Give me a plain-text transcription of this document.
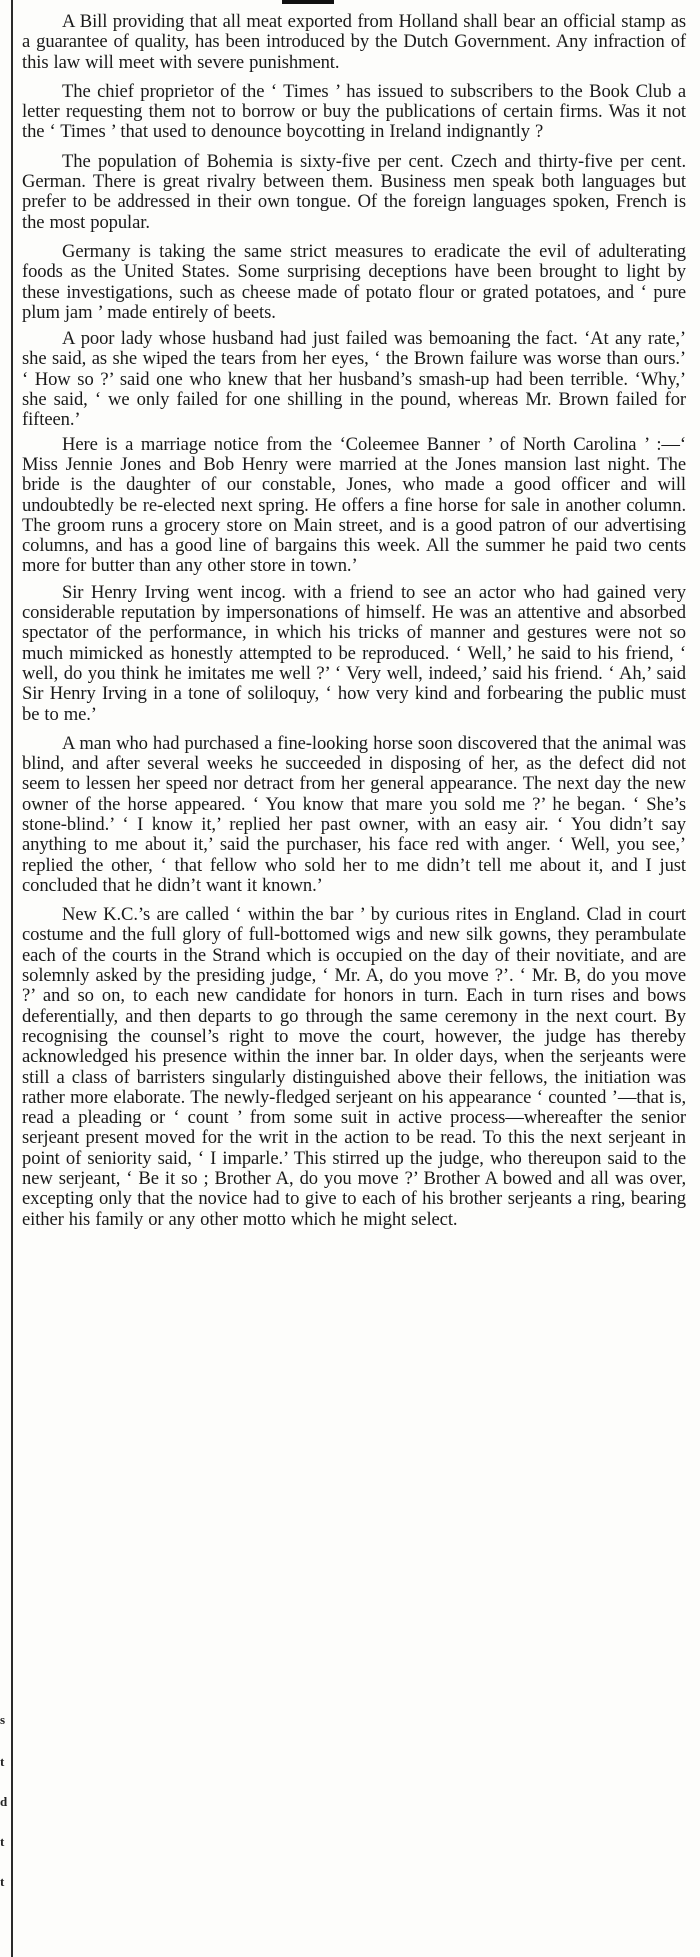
s
t
d
t
t

A Bill providing that all meat exported from Holland shall bear an official stamp as a guarantee of quality, has been introduced by the Dutch Government. Any infraction of this law will meet with severe punishment.

The chief proprietor of the ‘ Times ’ has issued to subscribers to the Book Club a letter requesting them not to borrow or buy the publications of certain firms. Was it not the ‘ Times ’ that used to denounce boycotting in Ireland indignantly ?

The population of Bohemia is sixty-five per cent. Czech and thirty-five per cent. German. There is great rivalry between them. Business men speak both languages but prefer to be addressed in their own tongue. Of the foreign languages spoken, French is the most popular.

Germany is taking the same strict measures to eradicate the evil of adulterating foods as the United States. Some surprising deceptions have been brought to light by these investigations, such as cheese made of potato flour or grated potatoes, and ‘ pure plum jam ’ made entirely of beets.

A poor lady whose husband had just failed was bemoaning the fact. ‘At any rate,’ she said, as she wiped the tears from her eyes, ‘ the Brown failure was worse than ours.’ ‘ How so ?’ said one who knew that her husband’s smash-up had been terrible. ‘Why,’ she said, ‘ we only failed for one shilling in the pound, whereas Mr. Brown failed for fifteen.’

Here is a marriage notice from the ‘Coleemee Banner ’ of North Carolina ’ :—‘ Miss Jennie Jones and Bob Henry were married at the Jones mansion last night. The bride is the daughter of our constable, Jones, who made a good officer and will undoubtedly be re-elected next spring. He offers a fine horse for sale in another column. The groom runs a grocery store on Main street, and is a good patron of our advertising columns, and has a good line of bargains this week. All the summer he paid two cents more for butter than any other store in town.’

Sir Henry Irving went incog. with a friend to see an actor who had gained very considerable reputation by impersonations of himself. He was an attentive and absorbed spectator of the performance, in which his tricks of manner and gestures were not so much mimicked as honestly attempted to be reproduced. ‘ Well,’ he said to his friend, ‘ well, do you think he imitates me well ?’ ‘ Very well, indeed,’ said his friend. ‘ Ah,’ said Sir Henry Irving in a tone of soliloquy, ‘ how very kind and forbearing the public must be to me.’

A man who had purchased a fine-looking horse soon discovered that the animal was blind, and after several weeks he succeeded in disposing of her, as the defect did not seem to lessen her speed nor detract from her general appearance. The next day the new owner of the horse appeared. ‘ You know that mare you sold me ?’ he began. ‘ She’s stone-blind.’ ‘ I know it,’ replied her past owner, with an easy air. ‘ You didn’t say anything to me about it,’ said the purchaser, his face red with anger. ‘ Well, you see,’ replied the other, ‘ that fellow who sold her to me didn’t tell me about it, and I just concluded that he didn’t want it known.’

New K.C.’s are called ‘ within the bar ’ by curious rites in England. Clad in court costume and the full glory of full-bottomed wigs and new silk gowns, they perambulate each of the courts in the Strand which is occupied on the day of their novitiate, and are solemnly asked by the presiding judge, ‘ Mr. A, do you move ?’. ‘ Mr. B, do you move ?’ and so on, to each new candidate for honors in turn. Each in turn rises and bows deferentially, and then departs to go through the same ceremony in the next court. By recognising the counsel’s right to move the court, however, the judge has thereby acknowledged his presence within the inner bar. In older days, when the serjeants were still a class of barristers singularly distinguished above their fellows, the initiation was rather more elaborate. The newly-fledged serjeant on his appearance ‘ counted ’—that is, read a pleading or ‘ count ’ from some suit in active process—whereafter the senior serjeant present moved for the writ in the action to be read. To this the next serjeant in point of seniority said, ‘ I imparle.’ This stirred up the judge, who thereupon said to the new serjeant, ‘ Be it so ; Brother A, do you move ?’ Brother A bowed and all was over, excepting only that the novice had to give to each of his brother serjeants a ring, bearing either his family or any other motto which he might select.
